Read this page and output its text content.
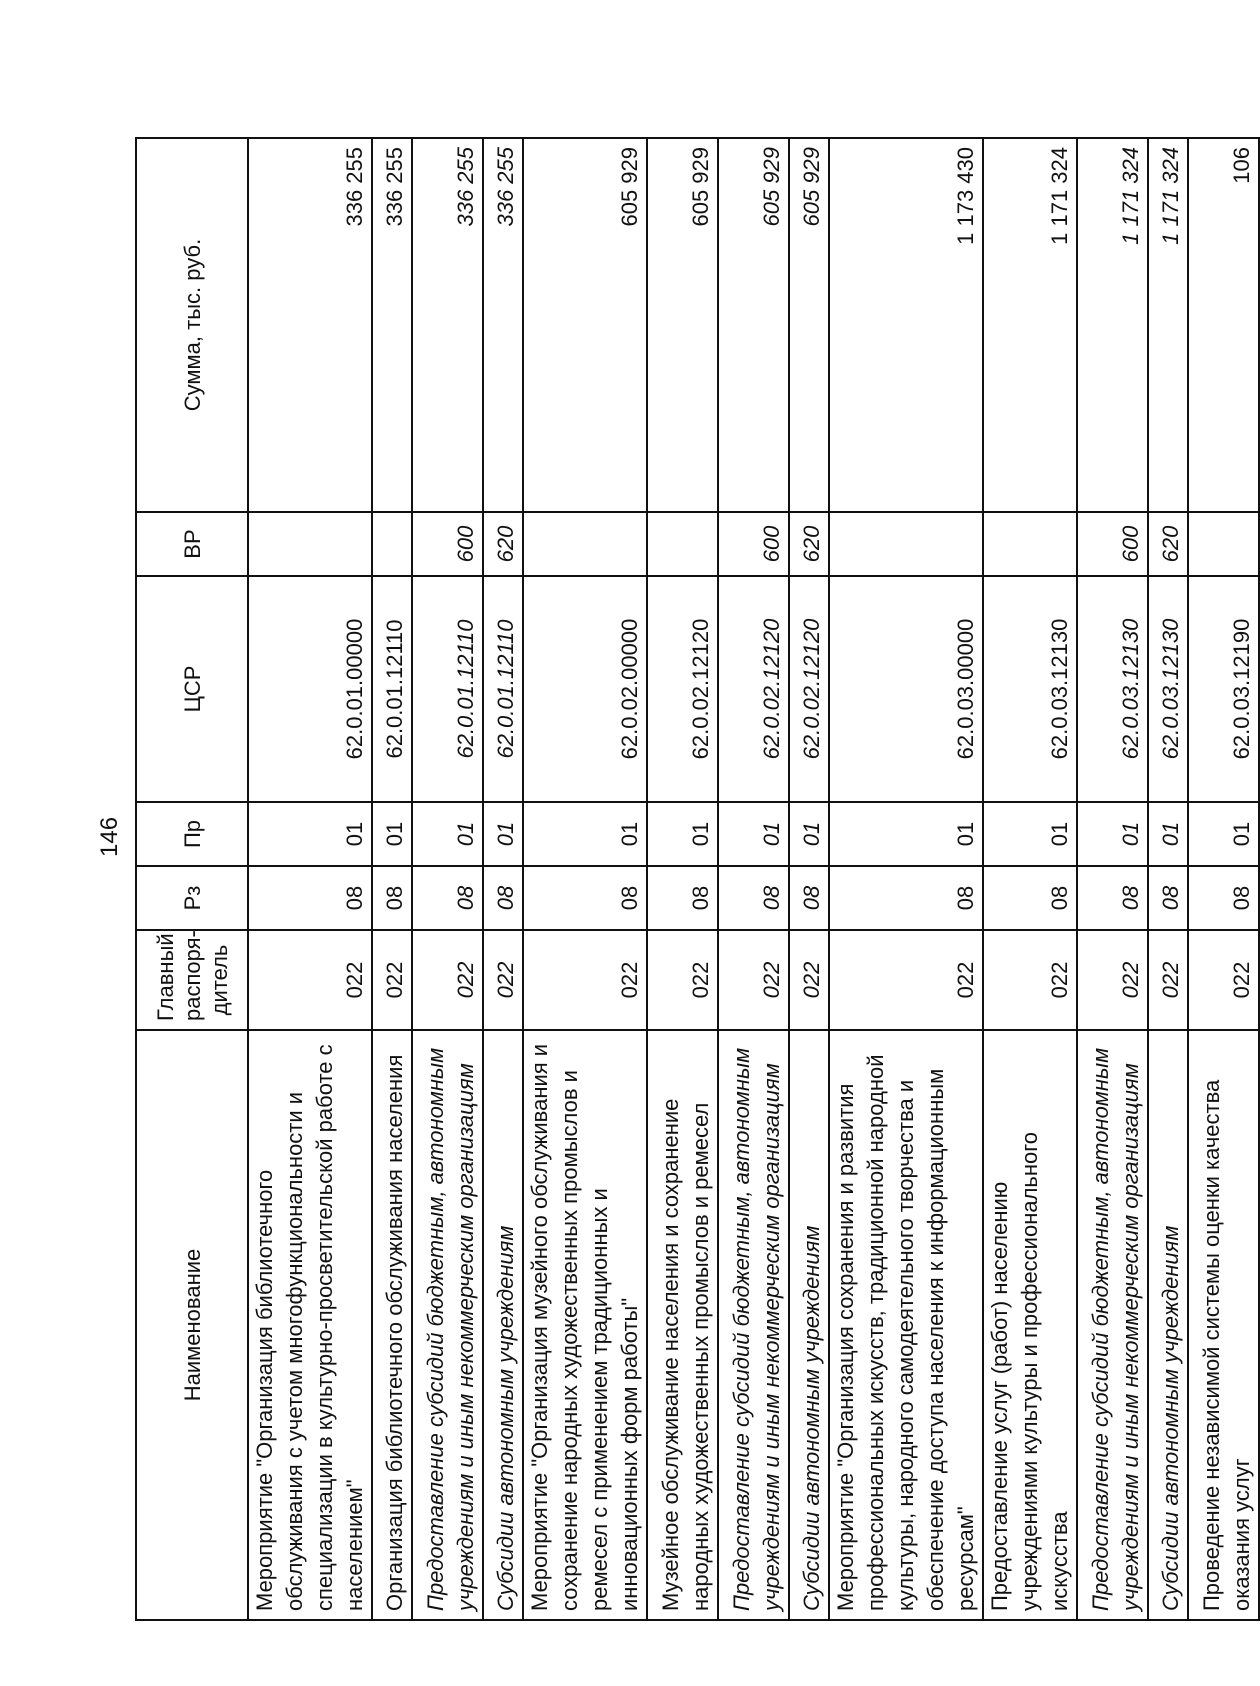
146
Наименование	Главный распоря-дитель	Рз	Пр	ЦСР	ВР	Сумма, тыс. руб.
Мероприятие "Организация библиотечного обслуживания с учетом многофункциональности и специализации в культурно-просветительской работе с населением"	022	08	01	62.0.01.00000		336 255
Организация библиотечного обслуживания населения	022	08	01	62.0.01.12110		336 255
Предоставление субсидий бюджетным, автономным учреждениям и иным некоммерческим организациям	022	08	01	62.0.01.12110	600	336 255
Субсидии автономным учреждениям	022	08	01	62.0.01.12110	620	336 255
Мероприятие "Организация музейного обслуживания и сохранение народных художественных промыслов и ремесел с применением традиционных и инновационных форм работы"	022	08	01	62.0.02.00000		605 929
Музейное обслуживание населения и сохранение народных художественных промыслов и ремесел	022	08	01	62.0.02.12120		605 929
Предоставление субсидий бюджетным, автономным учреждениям и иным некоммерческим организациям	022	08	01	62.0.02.12120	600	605 929
Субсидии автономным учреждениям	022	08	01	62.0.02.12120	620	605 929
Мероприятие "Организация сохранения и развития профессиональных искусств, традиционной народной культуры, народного самодеятельного творчества и обеспечение доступа населения к информационным ресурсам"	022	08	01	62.0.03.00000		1 173 430
Предоставление услуг (работ) населению учреждениями культуры и профессионального искусства	022	08	01	62.0.03.12130		1 171 324
Предоставление субсидий бюджетным, автономным учреждениям и иным некоммерческим организациям	022	08	01	62.0.03.12130	600	1 171 324
Субсидии автономным учреждениям	022	08	01	62.0.03.12130	620	1 171 324
Проведение независимой системы оценки качества оказания услуг	022	08	01	62.0.03.12190		106
